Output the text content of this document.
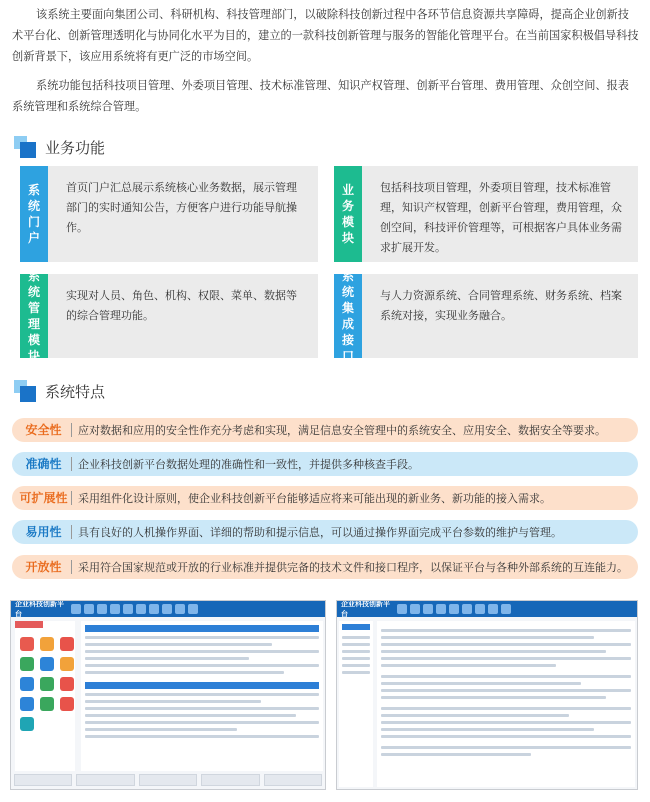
该系统主要面向集团公司、科研机构、科技管理部门，以破除科技创新过程中各环节信息资源共享障碍，提高企业创新技术平台化、创新管理透明化与协同化水平为目的，建立的一款科技创新管理与服务的智能化管理平台。在当前国家积极倡导科技创新背景下，该应用系统将有更广泛的市场空间。

系统功能包括科技项目管理、外委项目管理、技术标准管理、知识产权管理、创新平台管理、费用管理、众创空间、报表系统管理和系统综合管理。

业务功能
系统门户
首页门户汇总展示系统核心业务数据，展示管理部门的实时通知公告，方便客户进行功能导航操作。
业务模块
包括科技项目管理，外委项目管理，技术标准管理，知识产权管理，创新平台管理，费用管理，众创空间，科技评价管理等，可根据客户具体业务需求扩展开发。
系统管理模块
实现对人员、角色、机构、权限、菜单、数据等的综合管理功能。
系统集成接口
与人力资源系统、合同管理系统、财务系统、档案系统对接，实现业务融合。
系统特点
安全性	应对数据和应用的安全性作充分考虑和实现，满足信息安全管理中的系统安全、应用安全、数据安全等要求。
准确性	企业科技创新平台数据处理的准确性和一致性，并提供多种核查手段。
可扩展性 采用组件化设计原则，使企业科技创新平台能够适应将来可能出现的新业务、新功能的接入需求。
易用性	具有良好的人机操作界面、详细的帮助和提示信息，可以通过操作界面完成平台参数的维护与管理。
开放性	采用符合国家规范或开放的行业标准并提供完备的技术文件和接口程序，以保证平台与各种外部系统的互连能力。
企业科技创新平台
企业科技创新平台
